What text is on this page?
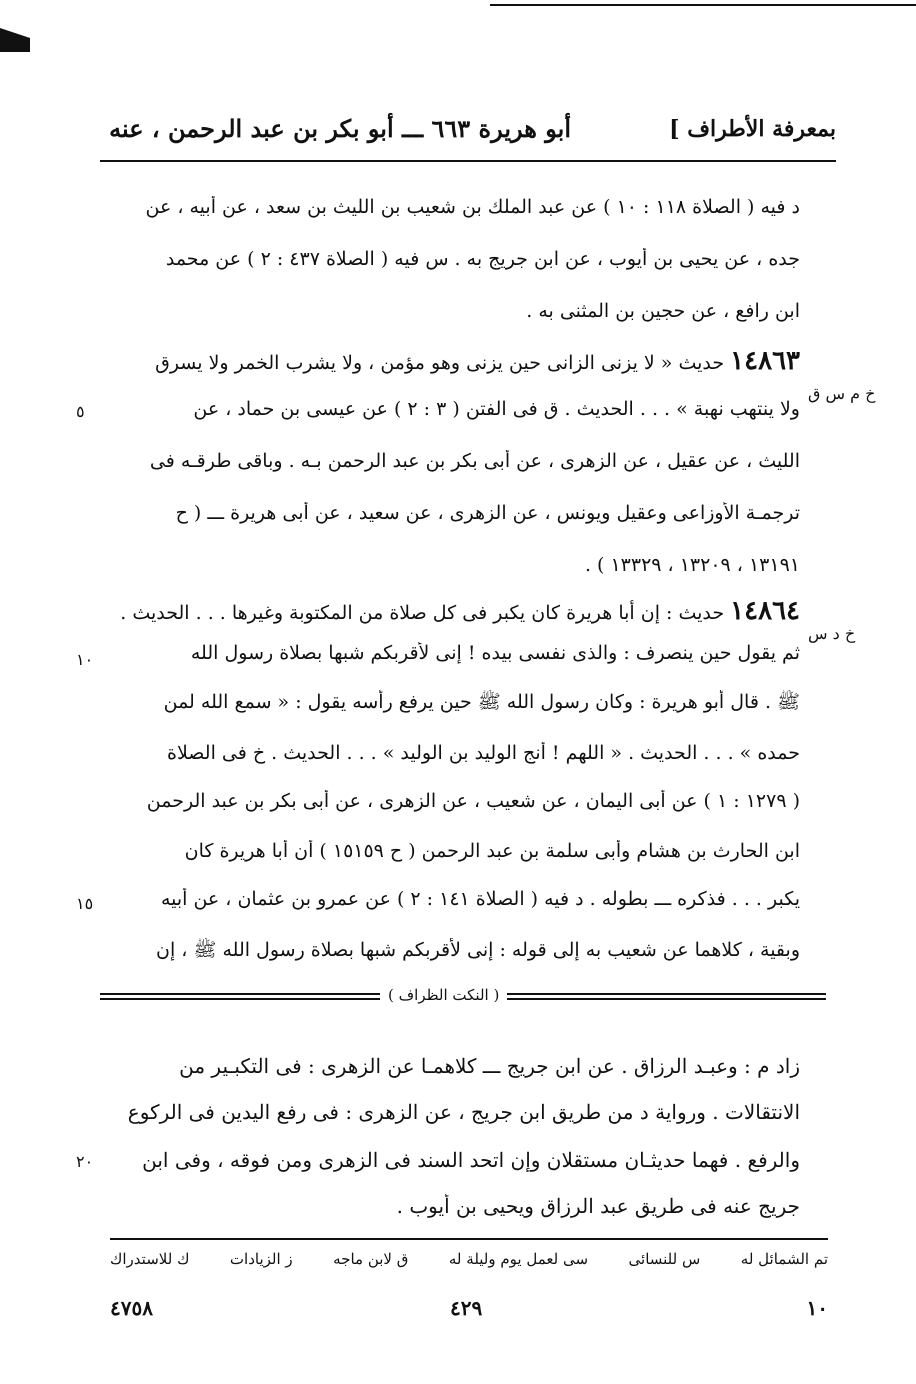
بمعرفة الأطراف ]
أبو هريرة ٦٦٣ ـــ أبو بكر بن عبد الرحمن ، عنه
د فيه ( الصلاة ١١٨ : ١٠ ) عن عبد الملك بن شعيب بن الليث بن سعد ، عن أبيه ، عن
جده ، عن يحيى بن أيوب ، عن ابن جريج به . س فيه ( الصلاة ٤٣٧ : ٢ ) عن محمد
ابن رافع ، عن حجين بن المثنى به .
١٤٨٦٣ حديث « لا يزنى الزانى حين يزنى وهو مؤمن ، ولا يشرب الخمر ولا يسرق
ولا ينتهب نهبة » . . . الحديث . ق فى الفتن ( ٣ : ٢ ) عن عيسى بن حماد ، عن
الليث ، عن عقيل ، عن الزهرى ، عن أبى بكر بن عبد الرحمن بـه . وباقى طرقـه فى
ترجمـة الأوزاعى وعقيل ويونس ، عن الزهرى ، عن سعيد ، عن أبى هريرة ـــ ( ح
١٣١٩١ ، ١٣٢٠٩ ، ١٣٣٢٩ ) .
خ م س ق
٥
١٤٨٦٤ حديث : إن أبا هريرة كان يكبر فى كل صلاة من المكتوبة وغيرها . . . الحديث .
ثم يقول حين ينصرف : والذى نفسى بيده ! إنى لأقربكم شبها بصلاة رسول الله
ﷺ . قال أبو هريرة : وكان رسول الله ﷺ حين يرفع رأسه يقول : « سمع الله لمن
حمده » . . . الحديث . « اللهم ! أنج الوليد بن الوليد » . . . الحديث . خ فى الصلاة
( ١٢٧٩ : ١ ) عن أبى اليمان ، عن شعيب ، عن الزهرى ، عن أبى بكر بن عبد الرحمن
ابن الحارث بن هشام وأبى سلمة بن عبد الرحمن ( ح ١٥١٥٩ ) أن أبا هريرة كان
يكبر . . . فذكره ـــ بطوله . د فيه ( الصلاة ١٤١ : ٢ ) عن عمرو بن عثمان ، عن أبيه
وبقية ، كلاهما عن شعيب به إلى قوله : إنى لأقربكم شبها بصلاة رسول الله ﷺ ، إن
خ د س
١٠
١٥
( النكت الظراف )
زاد م : وعبـد الرزاق . عن ابن جريج ـــ كلاهمـا عن الزهرى : فى التكبـير من
الانتقالات . ورواية د من طريق ابن جريج ، عن الزهرى : فى رفع اليدين فى الركوع
والرفع . فهما حديثـان مستقلان وإن اتحد السند فى الزهرى ومن فوقه ، وفى ابن
جريج عنه فى طريق عبد الرزاق ويحيى بن أيوب .
٢٠
تم الشمائل له
س للنسائى
سى لعمل يوم وليلة له
ق لابن ماجه
ز الزيادات
ك للاستدراك
٤٧٥٨	٤٢٩	١٠
